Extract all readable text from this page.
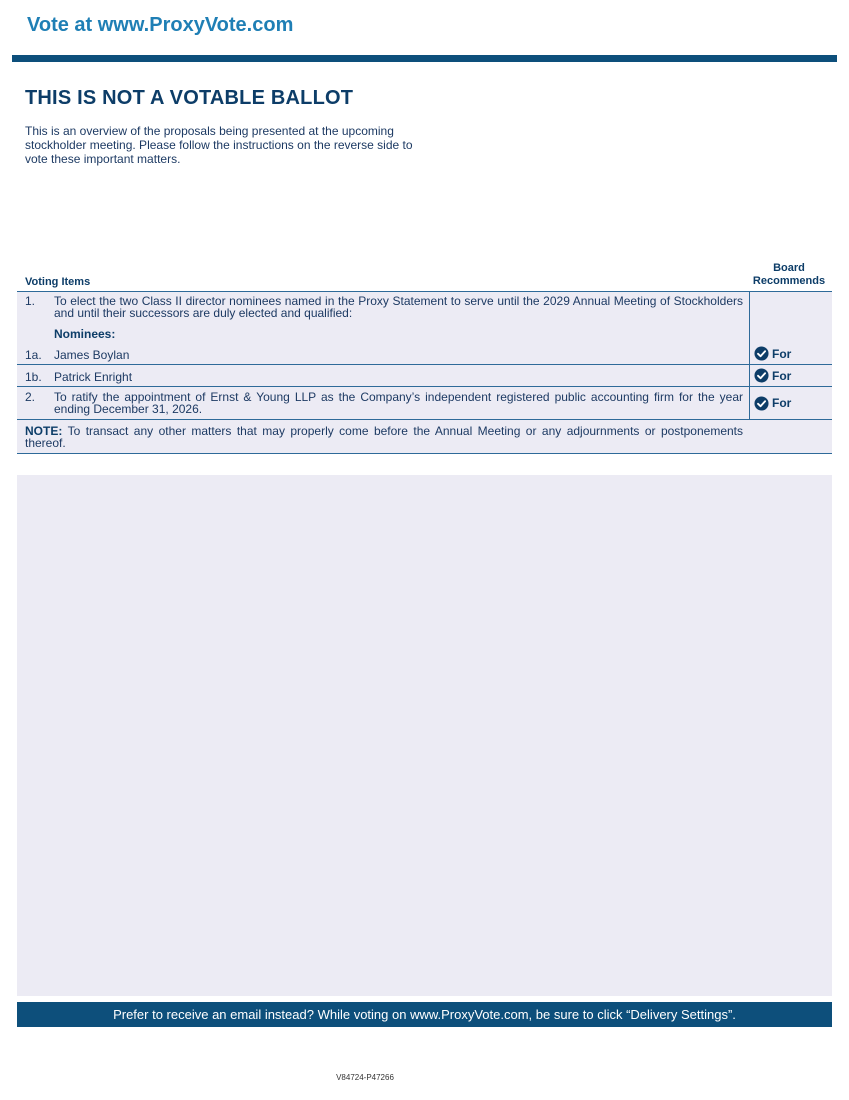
Vote at www.ProxyVote.com
THIS IS NOT A VOTABLE BALLOT
This is an overview of the proposals being presented at the upcoming stockholder meeting. Please follow the instructions on the reverse side to vote these important matters.
Voting Items
Board
Recommends
1.	To elect the two Class II director nominees named in the Proxy Statement to serve until the 2029 Annual Meeting of Stockholders and until their successors are duly elected and qualified:
Nominees:
1a.	James Boylan	For
1b.	Patrick Enright	For
2.	To ratify the appointment of Ernst & Young LLP as the Company’s independent registered public accounting firm for the year ending December 31, 2026.	For
NOTE: To transact any other matters that may properly come before the Annual Meeting or any adjournments or postponements thereof.
Prefer to receive an email instead? While voting on www.ProxyVote.com, be sure to click “Delivery Settings”.
V84724-P47266
